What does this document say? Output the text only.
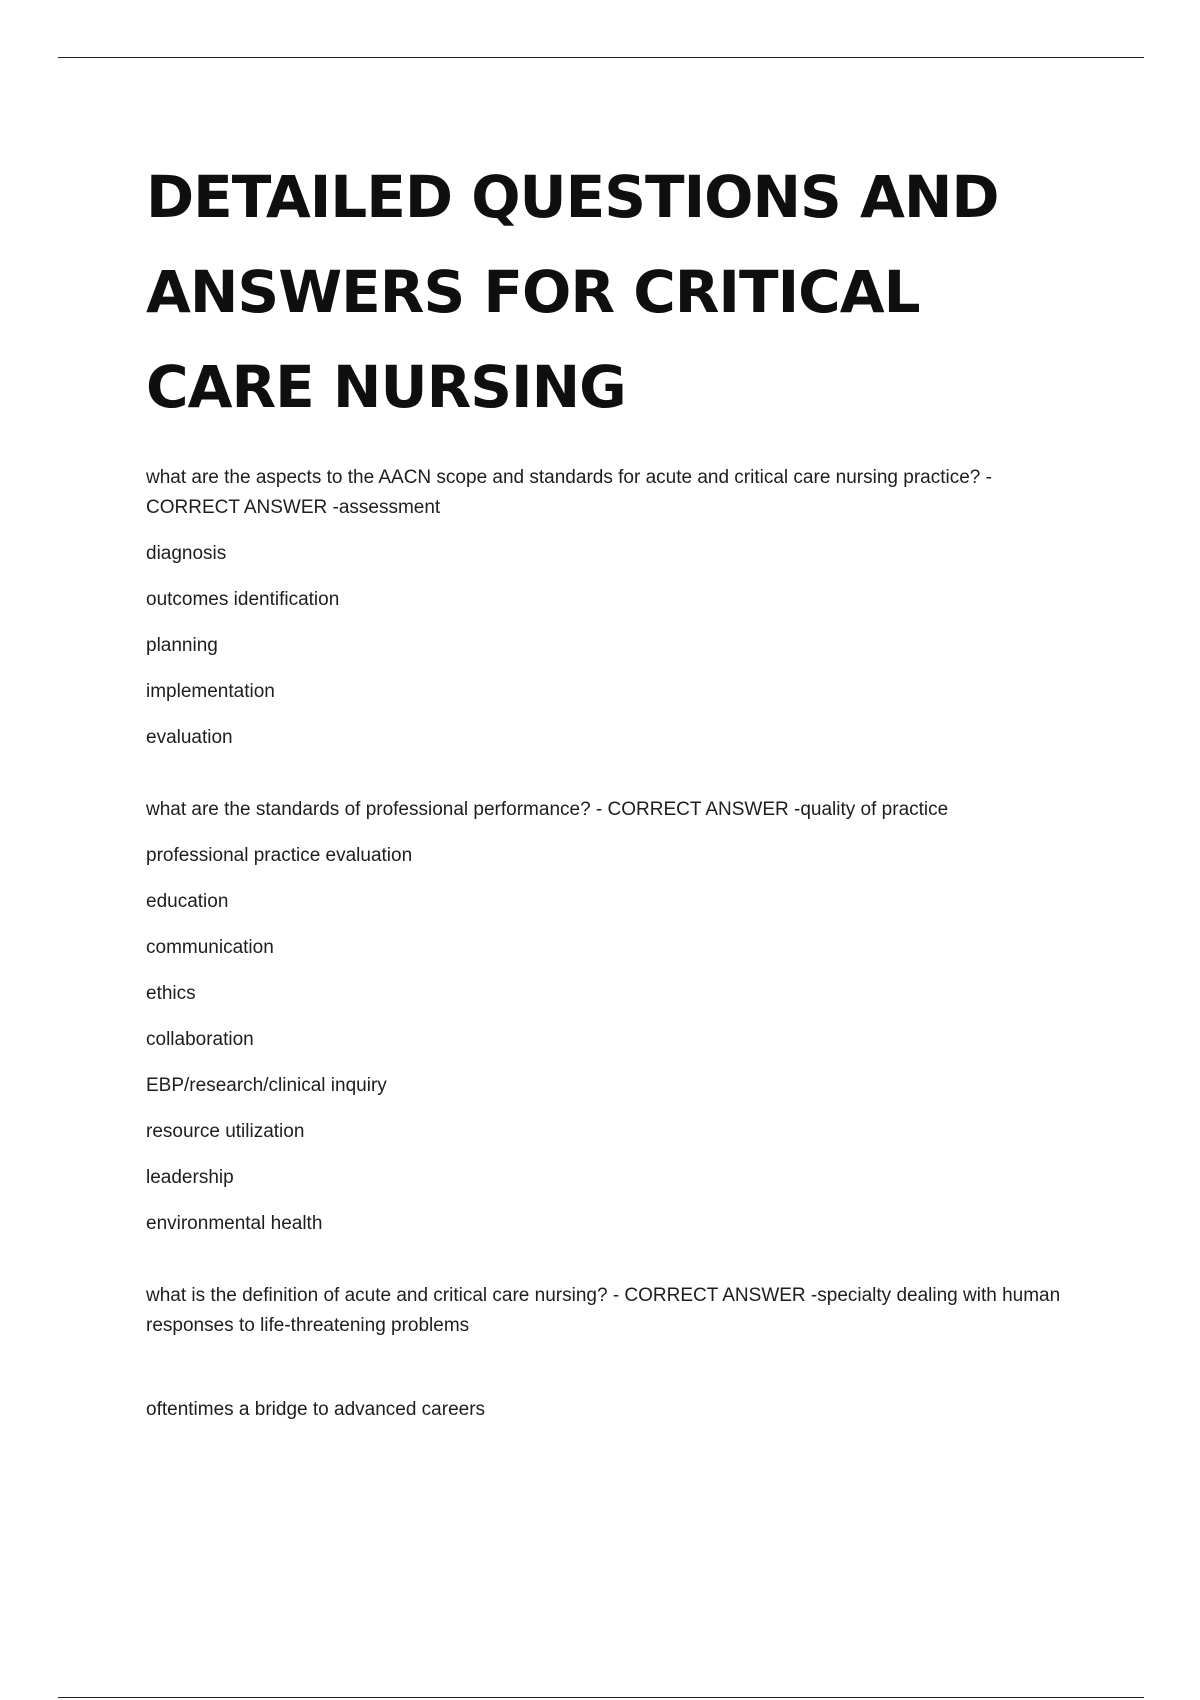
DETAILED QUESTIONS AND ANSWERS FOR CRITICAL CARE NURSING

what are the aspects to the AACN scope and standards for acute and critical care nursing practice? - CORRECT ANSWER -assessment

diagnosis

outcomes identification

planning

implementation

evaluation

what are the standards of professional performance? - CORRECT ANSWER -quality of practice

professional practice evaluation

education

communication

ethics

collaboration

EBP/research/clinical inquiry

resource utilization

leadership

environmental health

what is the definition of acute and critical care nursing? - CORRECT ANSWER -specialty dealing with human responses to life-threatening problems

oftentimes a bridge to advanced careers
